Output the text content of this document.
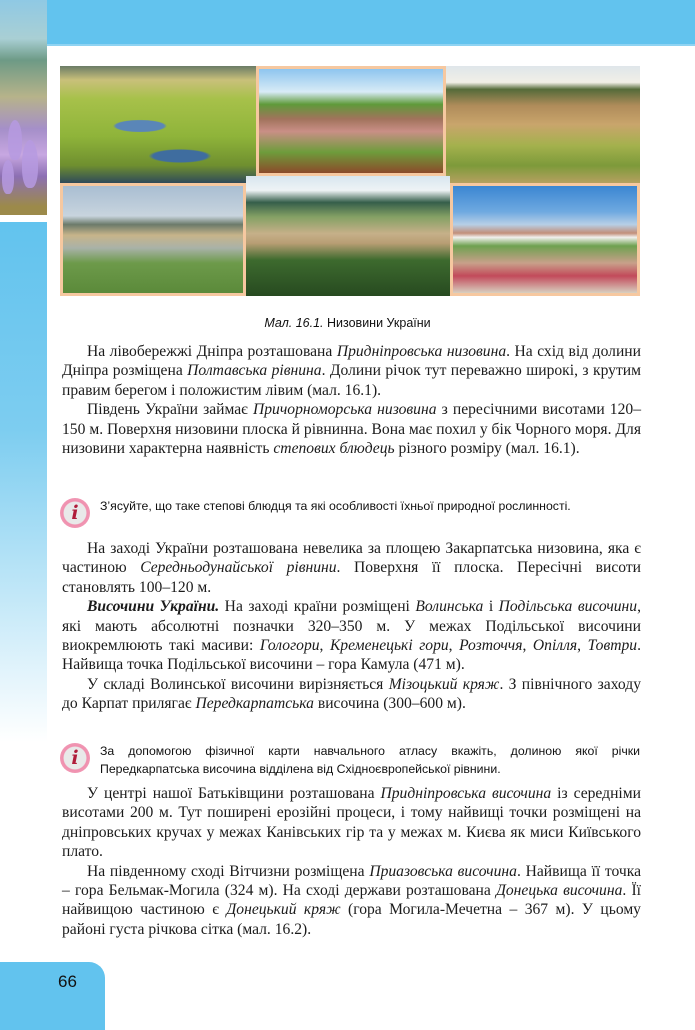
Мал. 16.1. Низовини України

На лівобережжі Дніпра розташована Придніпровська низовина. На схід від долини Дніпра розміщена Полтавська рівнина. Долини річок тут переважно широкі, з крутим правим берегом і положистим лівим (мал. 16.1).

Південь України займає Причорноморська низовина з пересічними висотами 120–150 м. Поверхня низовини плоска й рівнинна. Вона має похил у бік Чорного моря. Для низовини характерна наявність степових блюдець різного розміру (мал. 16.1).

i З’ясуйте, що таке степові блюдця та які особливості їхньої природної рослинності.

На заході України розташована невелика за площею Закарпатська низовина, яка є частиною Середньодунайської рівнини. Поверхня її плоска. Пересічні висоти становлять 100–120 м.

Височини України. На заході країни розміщені Волинська і Подільська височини, які мають абсолютні позначки 320–350 м. У межах Подільської височини виокремлюють такі масиви: Гологори, Кременецькі гори, Розточчя, Опілля, Товтри. Найвища точка Подільської височини – гора Камула (471 м).

У складі Волинської височини вирізняється Мізоцький кряж. З північного заходу до Карпат прилягає Передкарпатська височина (300–600 м).

i За допомогою фізичної карти навчального атласу вкажіть, долиною якої річки Передкарпатська височина відділена від Східноєвропейської рівнини.

У центрі нашої Батьківщини розташована Придніпровська височина із середніми висотами 200 м. Тут поширені ерозійні процеси, і тому найвищі точки розміщені на дніпровських кручах у межах Канівських гір та у межах м. Києва як миси Київського плато.

На південному сході Вітчизни розміщена Приазовська височина. Найвища її точка – гора Бельмак-Могила (324 м). На сході держави розташована Донецька височина. Її найвищою частиною є Донецький кряж (гора Могила-Мечетна – 367 м). У цьому районі густа річкова сітка (мал. 16.2).

66
